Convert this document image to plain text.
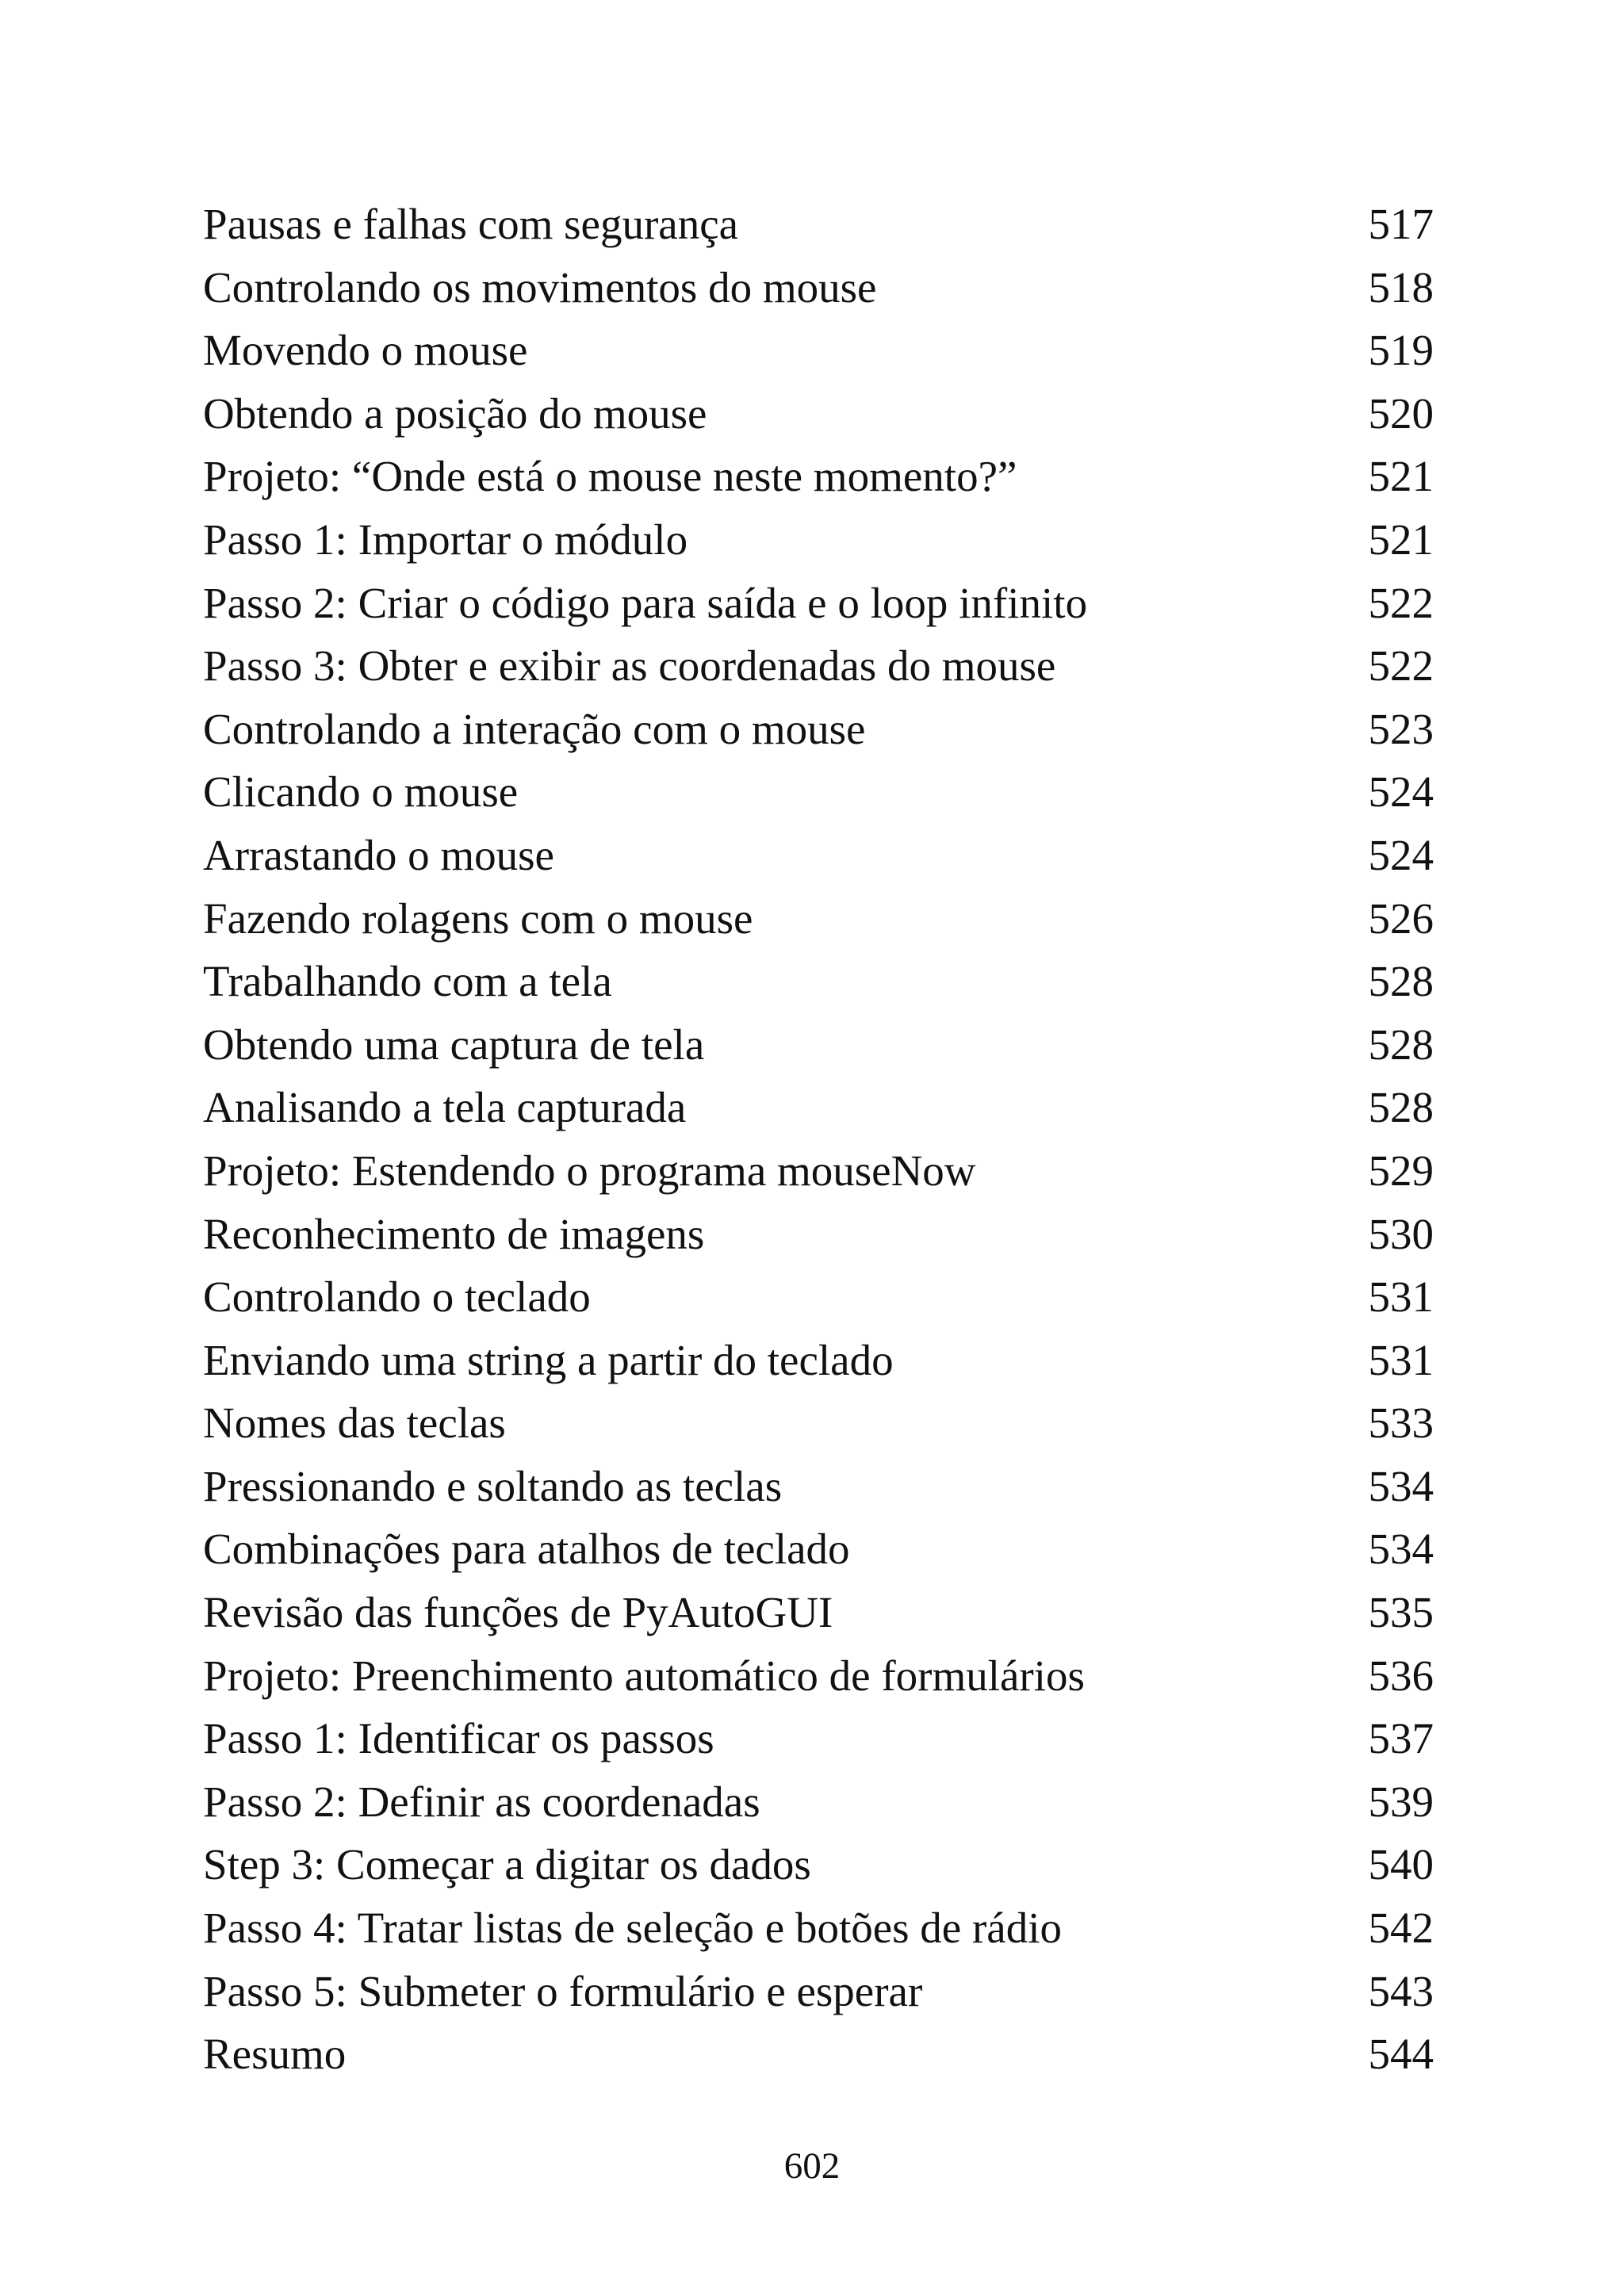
Pausas e falhas com segurança	517
Controlando os movimentos do mouse	518
Movendo o mouse	519
Obtendo a posição do mouse	520
Projeto: “Onde está o mouse neste momento?”	521
Passo 1: Importar o módulo	521
Passo 2: Criar o código para saída e o loop infinito	522
Passo 3: Obter e exibir as coordenadas do mouse	522
Controlando a interação com o mouse	523
Clicando o mouse	524
Arrastando o mouse	524
Fazendo rolagens com o mouse	526
Trabalhando com a tela	528
Obtendo uma captura de tela	528
Analisando a tela capturada	528
Projeto: Estendendo o programa mouseNow	529
Reconhecimento de imagens	530
Controlando o teclado	531
Enviando uma string a partir do teclado	531
Nomes das teclas	533
Pressionando e soltando as teclas	534
Combinações para atalhos de teclado	534
Revisão das funções de PyAutoGUI	535
Projeto: Preenchimento automático de formulários	536
Passo 1: Identificar os passos	537
Passo 2: Definir as coordenadas	539
Step 3: Começar a digitar os dados	540
Passo 4: Tratar listas de seleção e botões de rádio	542
Passo 5: Submeter o formulário e esperar	543
Resumo	544
602
